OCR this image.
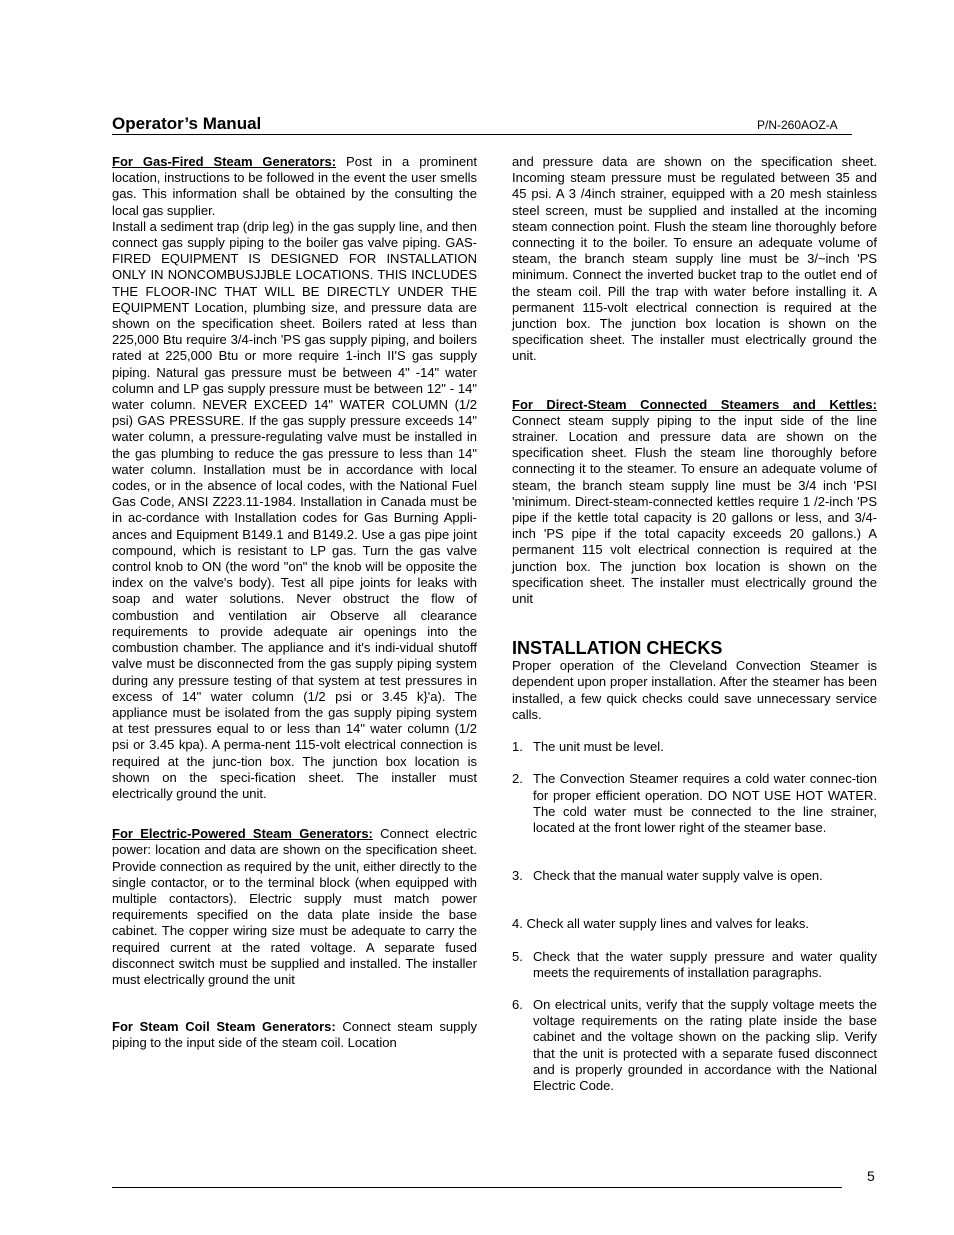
Operator’s Manual	P/N-260AOZ-A

For Gas-Fired Steam Generators: Post in a prominent location, instructions to be followed in the event the user smells gas. This information shall be obtained by the consulting the local gas supplier.

Install a sediment trap (drip leg) in the gas supply line, and then connect gas supply piping to the boiler gas valve piping. GAS-FIRED EQUIPMENT IS DESIGNED FOR INSTALLATION ONLY IN NONCOMBUSJJBLE LOCATIONS. THIS INCLUDES THE FLOOR-INC THAT WILL BE DIRECTLY UNDER THE EQUIPMENT Location, plumbing size, and pressure data are shown on the specification sheet. Boilers rated at less than 225,000 Btu require 3/4-inch 'PS gas supply piping, and boilers rated at 225,000 Btu or more require 1-inch II'S gas supply piping. Natural gas pressure must be between 4" -14" water column and LP gas supply pressure must be between 12" - 14" water column. NEVER EXCEED 14" WATER COLUMN (1/2 psi) GAS PRESSURE. If the gas supply pressure exceeds 14" water column, a pressure-regulating valve must be installed in the gas plumbing to reduce the gas pressure to less than 14" water column. Installation must be in accordance with local codes, or in the absence of local codes, with the National Fuel Gas Code, ANSI Z223.11-1984. Installation in Canada must be in ac-cordance with Installation codes for Gas Burning Appli-ances and Equipment B149.1 and B149.2. Use a gas pipe joint compound, which is resistant to LP gas. Turn the gas valve control knob to ON (the word "on" the knob will be opposite the index on the valve's body). Test all pipe joints for leaks with soap and water solutions. Never obstruct the flow of combustion and ventilation air Observe all clearance requirements to provide adequate air openings into the combustion chamber. The appliance and it's indi-vidual shutoff valve must be disconnected from the gas supply piping system during any pressure testing of that system at test pressures in excess of 14" water column (1/2 psi or 3.45 k}'a). The appliance must be isolated from the gas supply piping system at test pressures equal to or less than 14" water column (1/2 psi or 3.45 kpa). A perma-nent 115-volt electrical connection is required at the junc-tion box. The junction box location is shown on the speci-fication sheet. The installer must electrically ground the unit.

For Electric-Powered Steam Generators: Connect electric power: location and data are shown on the specification sheet. Provide connection as required by the unit, either directly to the single contactor, or to the terminal block (when equipped with multiple contactors). Electric supply must match power requirements specified on the data plate inside the base cabinet. The copper wiring size must be adequate to carry the required current at the rated voltage. A separate fused disconnect switch must be supplied and installed. The installer must electrically ground the unit

For Steam Coil Steam Generators: Connect steam supply piping to the input side of the steam coil. Location

and pressure data are shown on the specification sheet. Incoming steam pressure must be regulated between 35 and 45 psi. A 3 /4inch strainer, equipped with a 20 mesh stainless steel screen, must be supplied and installed at the incoming steam connection point. Flush the steam line thoroughly before connecting it to the boiler. To ensure an adequate volume of steam, the branch steam supply line must be 3/~inch 'PS minimum. Connect the inverted bucket trap to the outlet end of the steam coil. Pill the trap with water before installing it. A permanent 115-volt electrical connection is required at the junction box. The junction box location is shown on the specification sheet. The installer must electrically ground the unit.

For Direct-Steam Connected Steamers and Kettles: Connect steam supply piping to the input side of the line strainer. Location and pressure data are shown on the specification sheet. Flush the steam line thoroughly before connecting it to the steamer. To ensure an adequate volume of steam, the branch steam supply line must be 3/4 inch 'PSI 'minimum. Direct-steam-connected kettles require 1 /2-inch 'PS pipe if the kettle total capacity is 20 gallons or less, and 3/4-inch 'PS pipe if the total capacity exceeds 20 gallons.) A permanent 115 volt electrical connection is required at the junction box. The junction box location is shown on the specification sheet. The installer must electrically ground the unit

INSTALLATION CHECKS

Proper operation of the Cleveland Convection Steamer is dependent upon proper installation. After the steamer has been installed, a few quick checks could save unnecessary service calls.

1. The unit must be level.

2. The Convection Steamer requires a cold water connec-tion for proper efficient operation. DO NOT USE HOT WATER. The cold water must be connected to the line strainer, located at the front lower right of the steamer base.

3. Check that the manual water supply valve is open.

4. Check all water supply lines and valves for leaks.

5. Check that the water supply pressure and water quality meets the requirements of installation paragraphs.

6. On electrical units, verify that the supply voltage meets the voltage requirements on the rating plate inside the base cabinet and the voltage shown on the packing slip. Verify that the unit is protected with a separate fused disconnect and is properly grounded in accordance with the National Electric Code.

5
